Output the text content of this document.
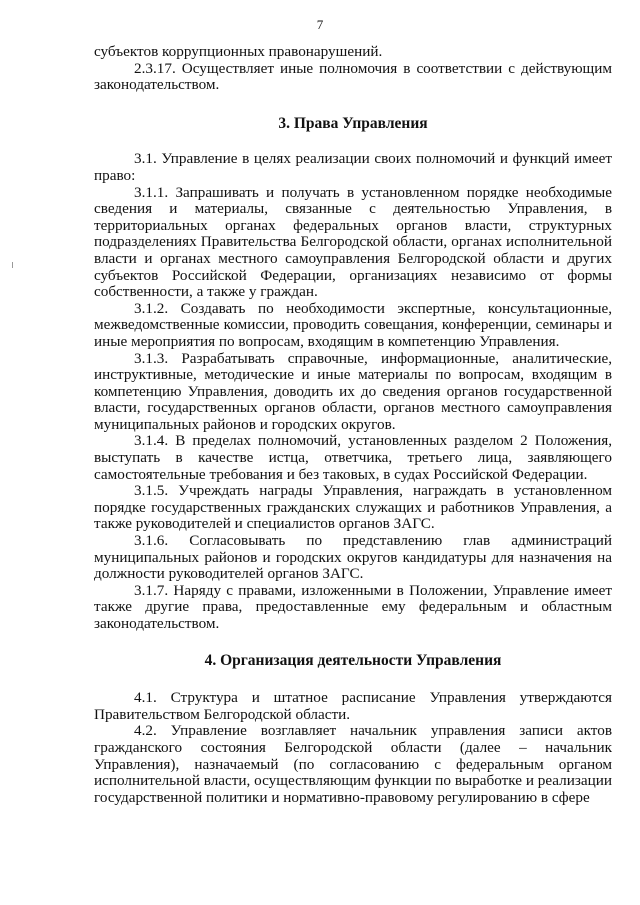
7

субъектов коррупционных правонарушений.

2.3.17. Осуществляет иные полномочия в соответствии с действующим законодательством.

3. Права Управления

3.1. Управление в целях реализации своих полномочий и функций имеет право:

3.1.1. Запрашивать и получать в установленном порядке необходимые сведения и материалы, связанные с деятельностью Управления, в территориальных органах федеральных органов власти, структурных подразделениях Правительства Белгородской области, органах исполнительной власти и органах местного самоуправления Белгородской области и других субъектов Российской Федерации, организациях независимо от формы собственности, а также у граждан.

3.1.2. Создавать по необходимости экспертные, консультационные, межведомственные комиссии, проводить совещания, конференции, семинары и иные мероприятия по вопросам, входящим в компетенцию Управления.

3.1.3. Разрабатывать справочные, информационные, аналитические, инструктивные, методические и иные материалы по вопросам, входящим в компетенцию Управления, доводить их до сведения органов государственной власти, государственных органов области, органов местного самоуправления муниципальных районов и городских округов.

3.1.4. В пределах полномочий, установленных разделом 2 Положения, выступать в качестве истца, ответчика, третьего лица, заявляющего самостоятельные требования и без таковых, в судах Российской Федерации.

3.1.5. Учреждать награды Управления, награждать в установленном порядке государственных гражданских служащих и работников Управления, а также руководителей и специалистов органов ЗАГС.

3.1.6. Согласовывать по представлению глав администраций муниципальных районов и городских округов кандидатуры для назначения на должности руководителей органов ЗАГС.

3.1.7. Наряду с правами, изложенными в Положении, Управление имеет также другие права, предоставленные ему федеральным и областным законодательством.

4. Организация деятельности Управления

4.1. Структура и штатное расписание Управления утверждаются Правительством Белгородской области.

4.2. Управление возглавляет начальник управления записи актов гражданского состояния Белгородской области (далее – начальник Управления), назначаемый (по согласованию с федеральным органом исполнительной власти, осуществляющим функции по выработке и реализации государственной политики и нормативно-правовому регулированию в сфере
